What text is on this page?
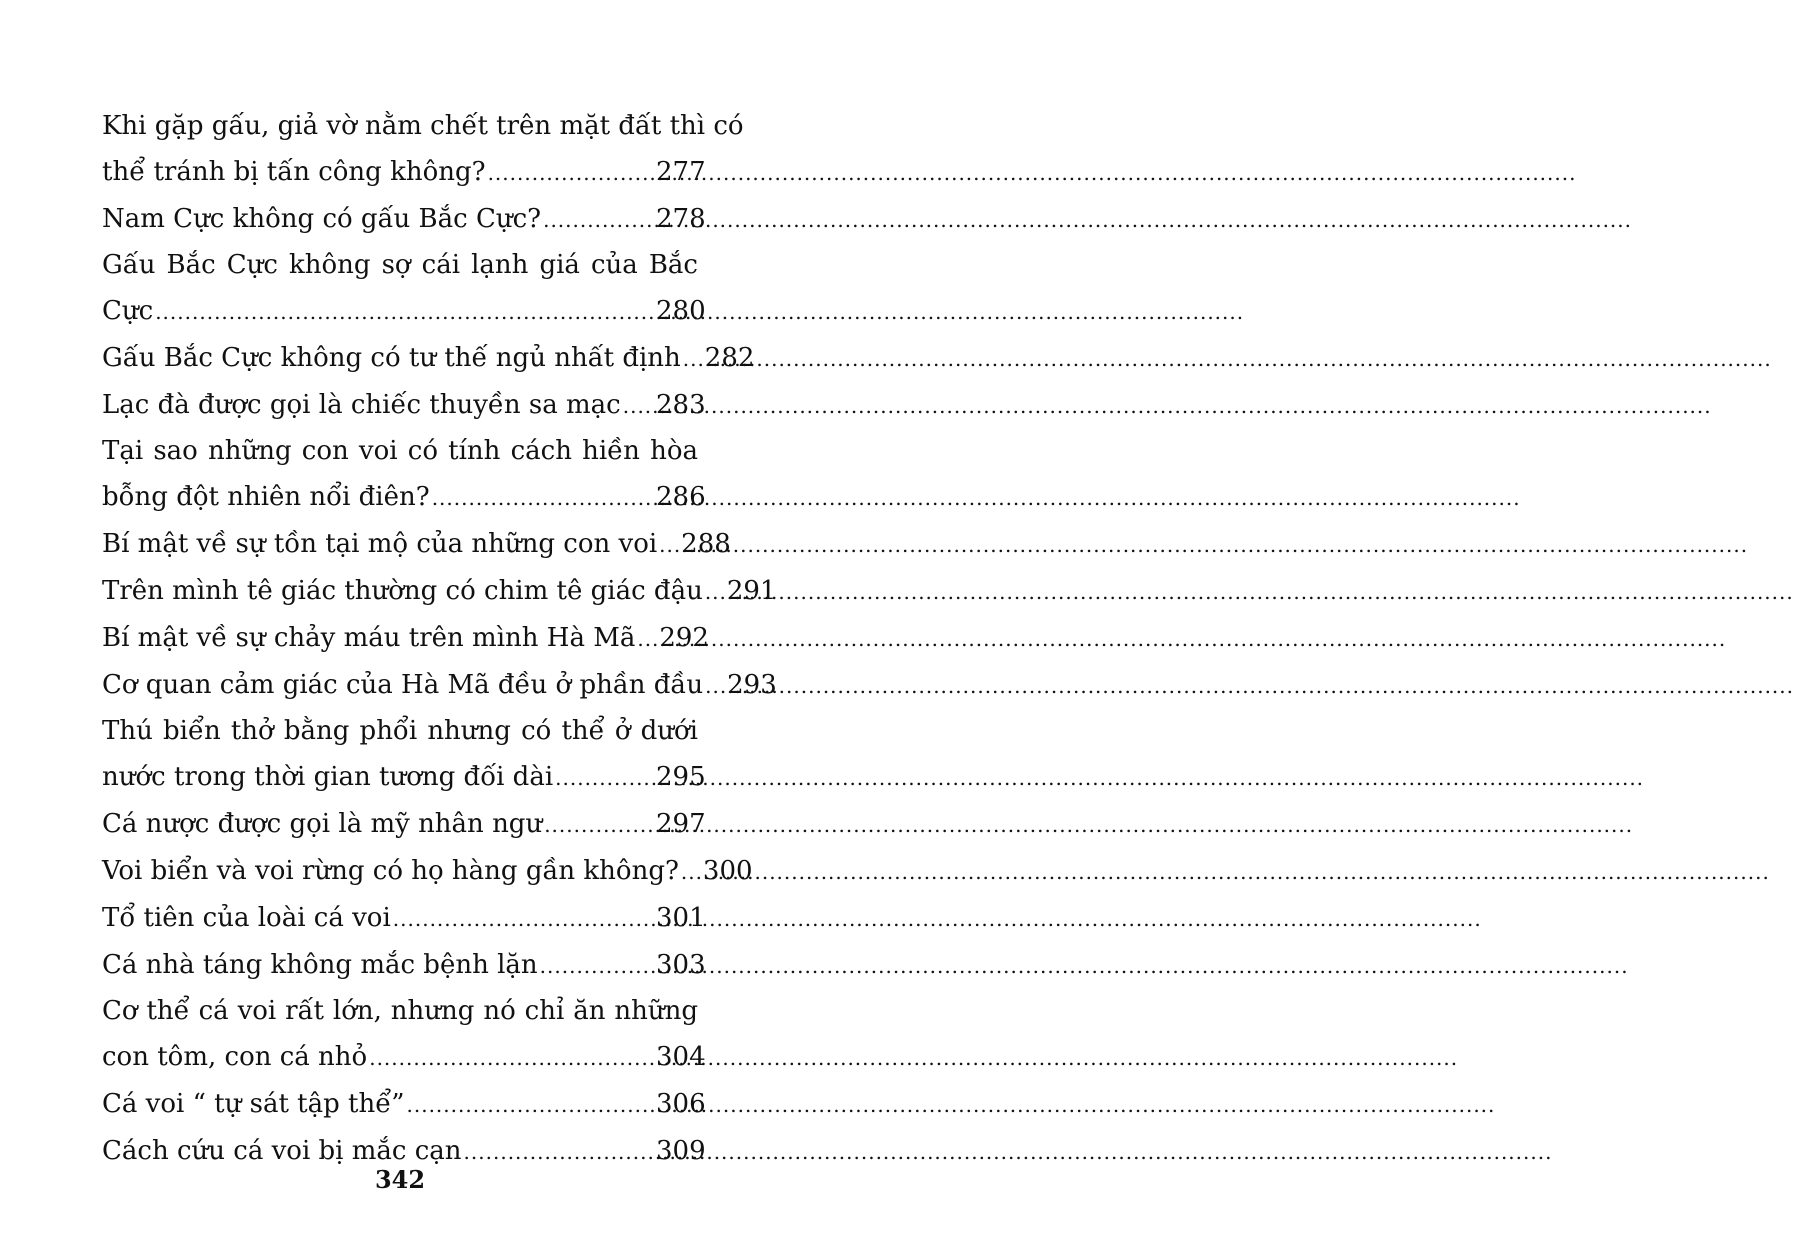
Khi gặp gấu, giả vờ nằm chết trên mặt đất thì có
thể tránh bị tấn công không? .....	277
Nam Cực không có gấu Bắc Cực? .....	278
Gấu Bắc Cực không sợ cái lạnh giá của Bắc
Cực .....	280
Gấu Bắc Cực không có tư thế ngủ nhất định ..... 282
Lạc đà được gọi là chiếc thuyền sa mạc ..... 283
Tại sao những con voi có tính cách hiền hòa
bỗng đột nhiên nổi điên? .....	286
Bí mật về sự tồn tại mộ của những con voi ..... 288
Trên mình tê giác thường có chim tê giác đậu ..... 291
Bí mật về sự chảy máu trên mình Hà Mã ..... 292
Cơ quan cảm giác của Hà Mã đều ở phần đầu ..... 293
Thú biển thở bằng phổi nhưng có thể ở dưới
nước trong thời gian tương đối dài .....	295
Cá nược được gọi là mỹ nhân ngư .....	297
Voi biển và voi rừng có họ hàng gần không? ..... 300
Tổ tiên của loài cá voi .....	301
Cá nhà táng không mắc bệnh lặn .....	303
Cơ thể cá voi rất lớn, nhưng nó chỉ ăn những
con tôm, con cá nhỏ .....	304
Cá voi “ tự sát tập thể” .....	306
Cách cứu cá voi bị mắc cạn .....	309
342
